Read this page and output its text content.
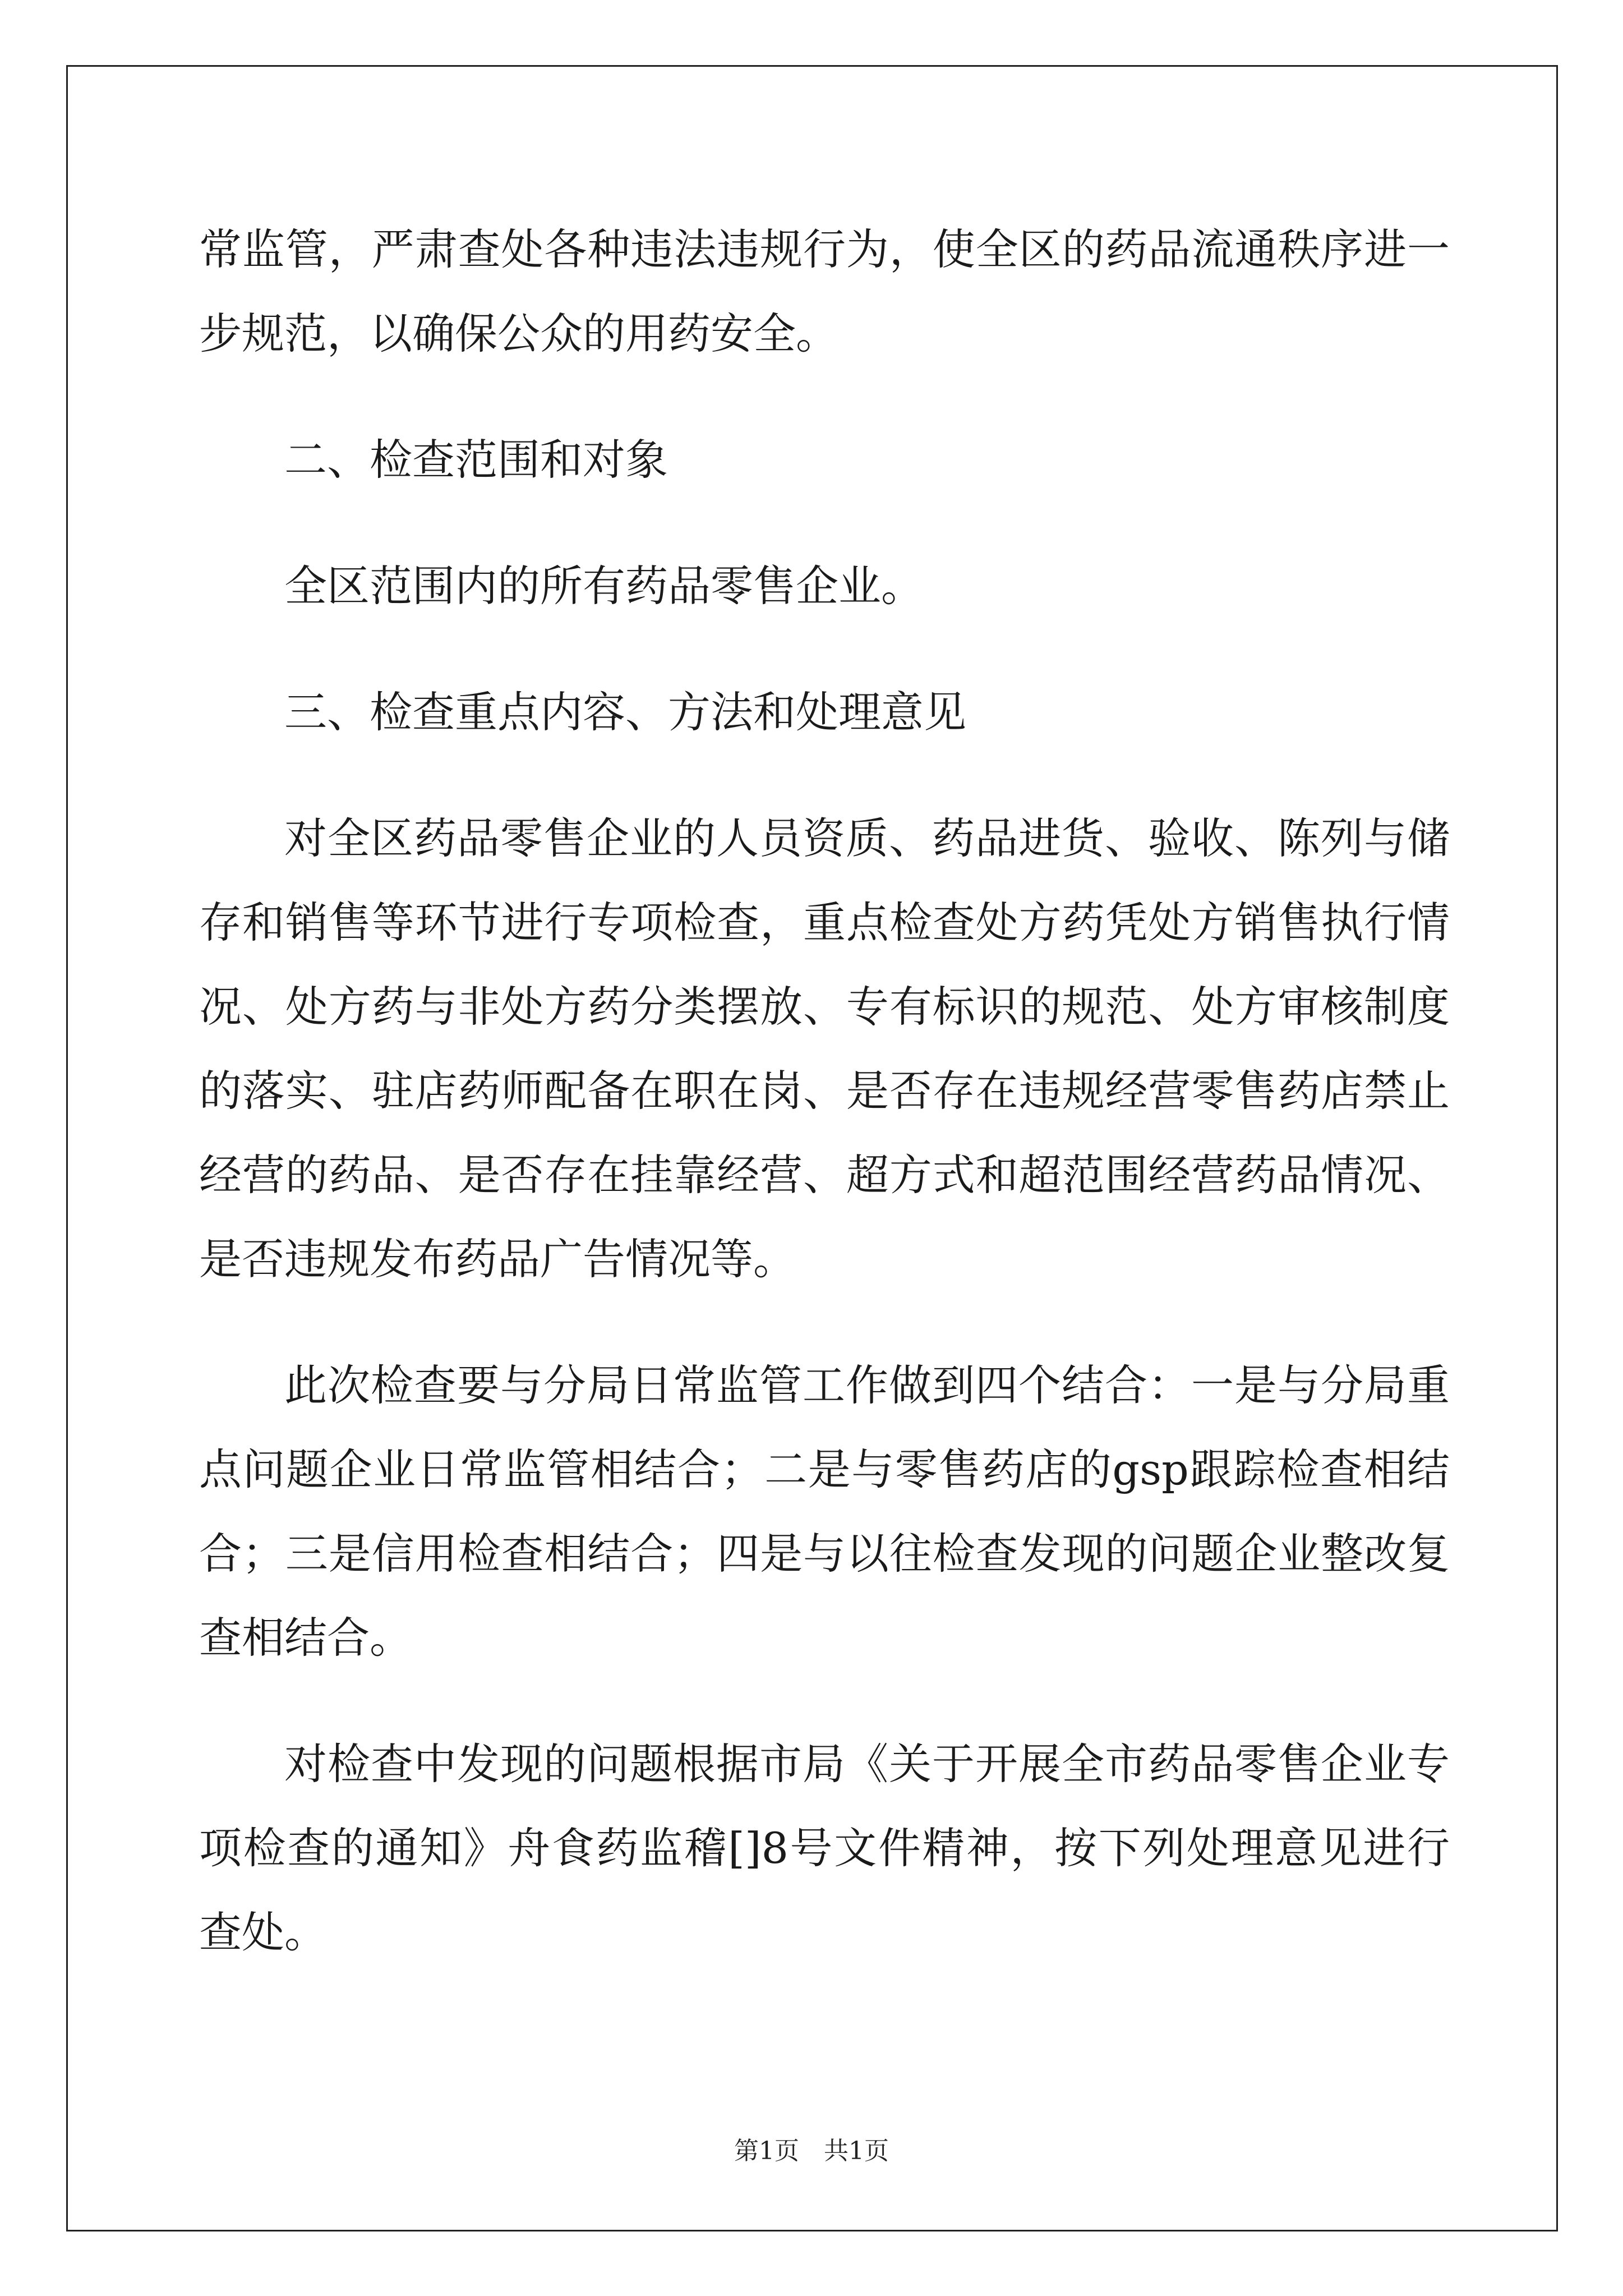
常监管，严肃查处各种违法违规行为，使全区的药品流通秩序进一步规范，以确保公众的用药安全。

二、检查范围和对象

全区范围内的所有药品零售企业。

三、检查重点内容、方法和处理意见

对全区药品零售企业的人员资质、药品进货、验收、陈列与储存和销售等环节进行专项检查，重点检查处方药凭处方销售执行情况、处方药与非处方药分类摆放、专有标识的规范、处方审核制度的落实、驻店药师配备在职在岗、是否存在违规经营零售药店禁止经营的药品、是否存在挂靠经营、超方式和超范围经营药品情况、是否违规发布药品广告情况等。

此次检查要与分局日常监管工作做到四个结合：一是与分局重点问题企业日常监管相结合；二是与零售药店的gsp跟踪检查相结合；三是信用检查相结合；四是与以往检查发现的问题企业整改复查相结合。

对检查中发现的问题根据市局《关于开展全市药品零售企业专项检查的通知》舟食药监稽[]8号文件精神，按下列处理意见进行查处。

第1页　共1页
